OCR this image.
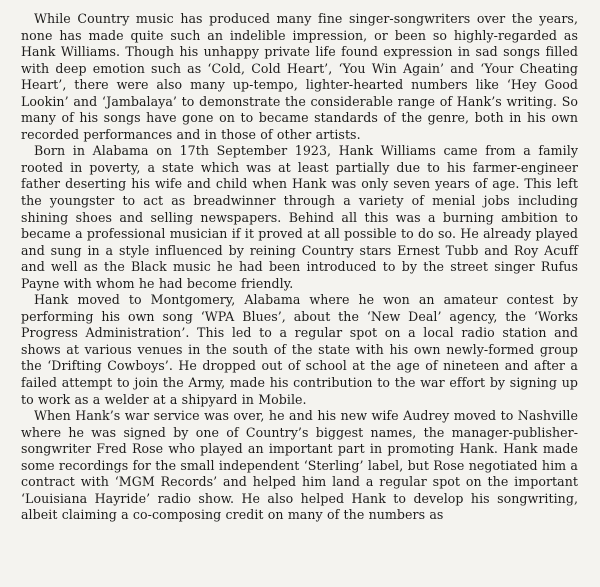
While Country music has produced many fine singer-songwriters over the years, none has made quite such an indelible impression, or been so highly-regarded as Hank Williams. Though his unhappy private life found expression in sad songs filled with deep emotion such as ‘Cold, Cold Heart’, ‘You Win Again’ and ‘Your Cheating Heart’, there were also many up-tempo, lighter-hearted numbers like ‘Hey Good Lookin’ and ‘Jambalaya’ to demonstrate the considerable range of Hank’s writing. So many of his songs have gone on to became standards of the genre, both in his own recorded performances and in those of other artists.

Born in Alabama on 17th September 1923, Hank Williams came from a family rooted in poverty, a state which was at least partially due to his farmer-engineer father deserting his wife and child when Hank was only seven years of age. This left the youngster to act as breadwinner through a variety of menial jobs including shining shoes and selling newspapers. Behind all this was a burning ambition to became a professional musician if it proved at all possible to do so. He already played and sung in a style influenced by reining Country stars Ernest Tubb and Roy Acuff and well as the Black music he had been introduced to by the street singer Rufus Payne with whom he had become friendly.

Hank moved to Montgomery, Alabama where he won an amateur contest by performing his own song ‘WPA Blues’, about the ‘New Deal’ agency, the ‘Works Progress Administration’. This led to a regular spot on a local radio station and shows at various venues in the south of the state with his own newly-formed group the ‘Drifting Cowboys’. He dropped out of school at the age of nineteen and after a failed attempt to join the Army, made his contribution to the war effort by signing up to work as a welder at a shipyard in Mobile.

When Hank’s war service was over, he and his new wife Audrey moved to Nashville where he was signed by one of Country’s biggest names, the manager-publisher-songwriter Fred Rose who played an important part in promoting Hank. Hank made some recordings for the small independent ‘Sterling’ label, but Rose negotiated him a contract with ‘MGM Records’ and helped him land a regular spot on the important ‘Louisiana Hayride’ radio show. He also helped Hank to develop his songwriting, albeit claiming a co-composing credit on many of the numbers as
